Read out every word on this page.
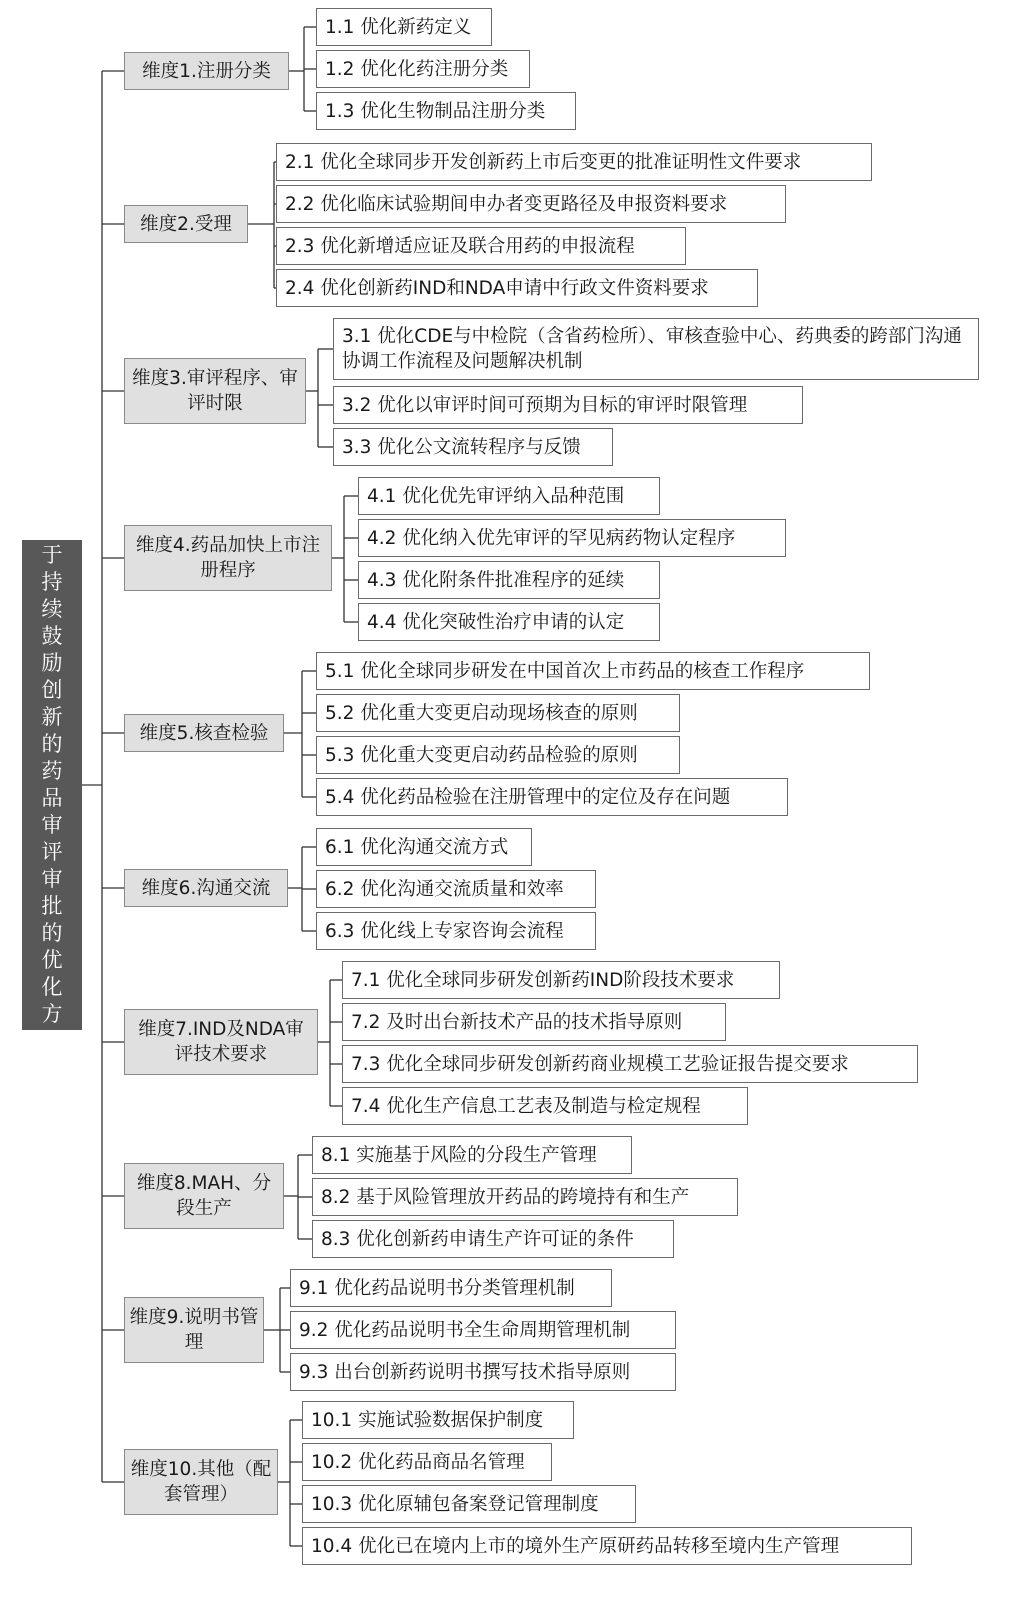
基于持续鼓励创新的药品审评审批的优化方向
维度1.注册分类
1.1 优化新药定义
1.2 优化化药注册分类
1.3 优化生物制品注册分类
维度2.受理
2.1 优化全球同步开发创新药上市后变更的批准证明性文件要求
2.2 优化临床试验期间申办者变更路径及申报资料要求
2.3 优化新增适应证及联合用药的申报流程
2.4 优化创新药IND和NDA申请中行政文件资料要求
维度3.审评程序、审评时限
3.1 优化CDE与中检院（含省药检所）、审核查验中心、药典委的跨部门沟通协调工作流程及问题解决机制
3.2 优化以审评时间可预期为目标的审评时限管理
3.3 优化公文流转程序与反馈
维度4.药品加快上市注册程序
4.1 优化优先审评纳入品种范围
4.2 优化纳入优先审评的罕见病药物认定程序
4.3 优化附条件批准程序的延续
4.4 优化突破性治疗申请的认定
维度5.核查检验
5.1 优化全球同步研发在中国首次上市药品的核查工作程序
5.2 优化重大变更启动现场核查的原则
5.3 优化重大变更启动药品检验的原则
5.4 优化药品检验在注册管理中的定位及存在问题
维度6.沟通交流
6.1 优化沟通交流方式
6.2 优化沟通交流质量和效率
6.3 优化线上专家咨询会流程
维度7.IND及NDA审评技术要求
7.1 优化全球同步研发创新药IND阶段技术要求
7.2 及时出台新技术产品的技术指导原则
7.3 优化全球同步研发创新药商业规模工艺验证报告提交要求
7.4 优化生产信息工艺表及制造与检定规程
维度8.MAH、分段生产
8.1 实施基于风险的分段生产管理
8.2 基于风险管理放开药品的跨境持有和生产
8.3 优化创新药申请生产许可证的条件
维度9.说明书管理
9.1 优化药品说明书分类管理机制
9.2 优化药品说明书全生命周期管理机制
9.3 出台创新药说明书撰写技术指导原则
维度10.其他（配套管理）
10.1 实施试验数据保护制度
10.2 优化药品商品名管理
10.3 优化原辅包备案登记管理制度
10.4 优化已在境内上市的境外生产原研药品转移至境内生产管理
